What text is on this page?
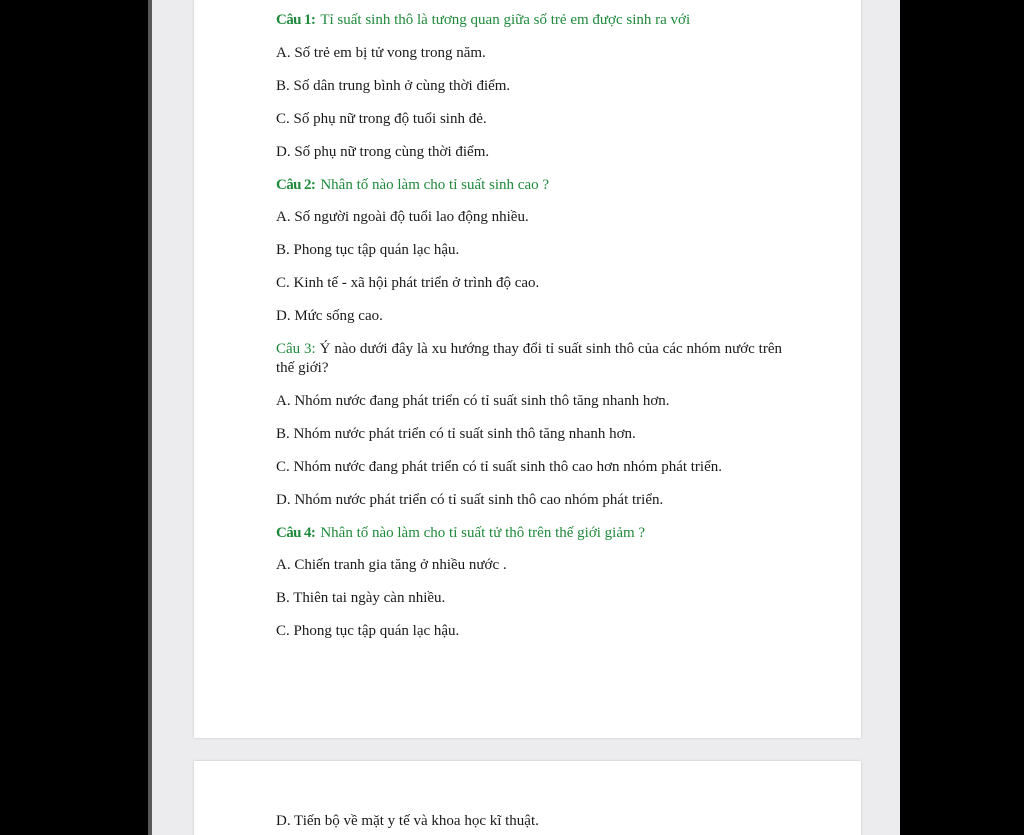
Câu 1: Tỉ suất sinh thô là tương quan giữa số trẻ em được sinh ra với
A. Số trẻ em bị tử vong trong năm.
B. Số dân trung bình ở cùng thời điểm.
C. Số phụ nữ trong độ tuổi sinh đẻ.
D. Số phụ nữ trong cùng thời điểm.
Câu 2: Nhân tố nào làm cho tỉ suất sinh cao ?
A. Số người ngoài độ tuổi lao động nhiều.
B. Phong tục tập quán lạc hậu.
C. Kinh tế - xã hội phát triển ở trình độ cao.
D. Mức sống cao.
Câu 3: Ý nào dưới đây là xu hướng thay đổi tỉ suất sinh thô của các nhóm nước trên thế giới?
A. Nhóm nước đang phát triển có tỉ suất sinh thô tăng nhanh hơn.
B. Nhóm nước phát triển có tỉ suất sinh thô tăng nhanh hơn.
C. Nhóm nước đang phát triển có tỉ suất sinh thô cao hơn nhóm phát triển.
D. Nhóm nước phát triển có tỉ suất sinh thô cao nhóm phát triển.
Câu 4: Nhân tố nào làm cho tỉ suất tử thô trên thế giới giảm ?
A. Chiến tranh gia tăng ở nhiều nước .
B. Thiên tai ngày càn nhiều.
C. Phong tục tập quán lạc hậu.
D. Tiến bộ về mặt y tế và khoa học kĩ thuật.
